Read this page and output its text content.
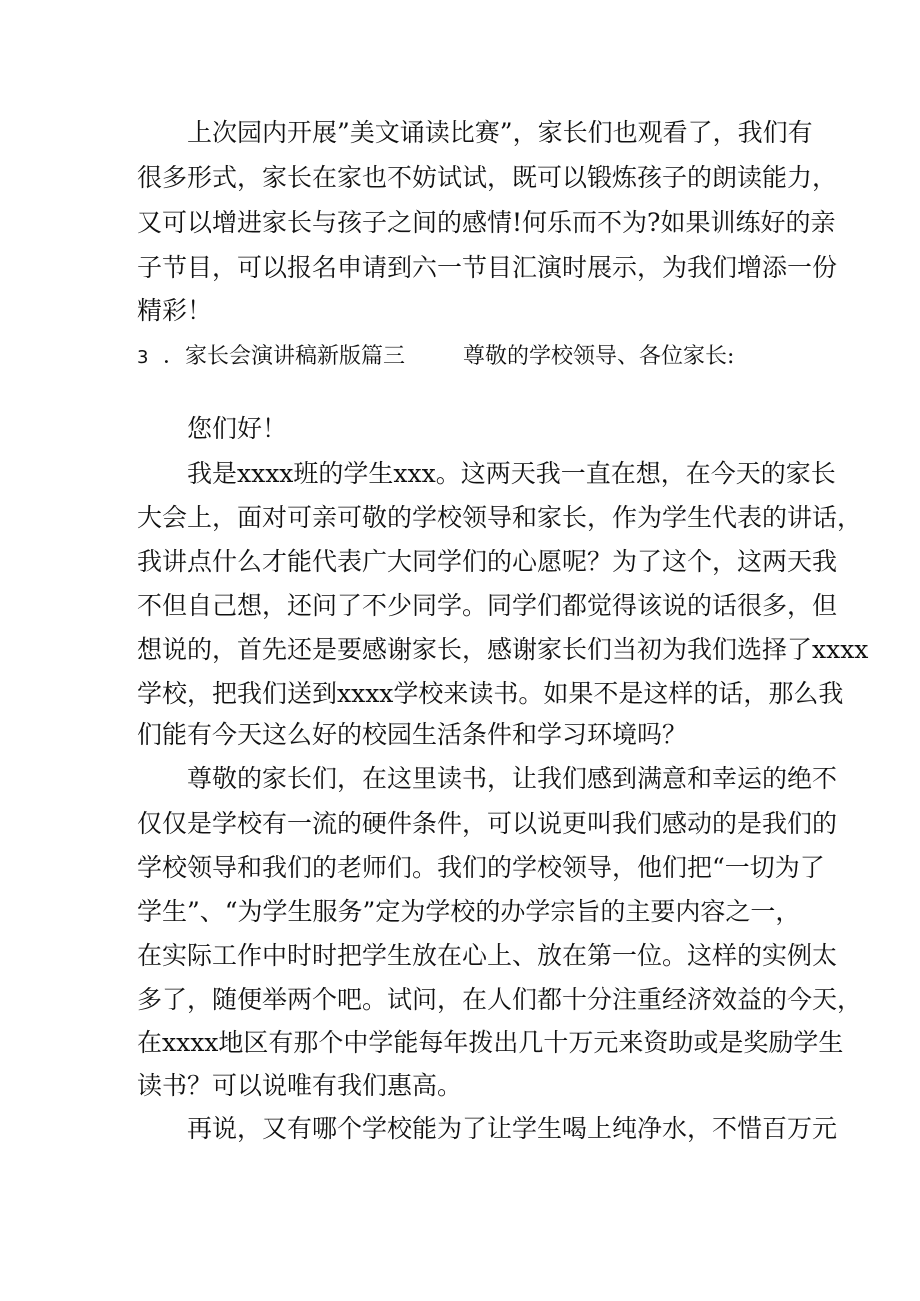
上次园内开展”美文诵读比赛”，家长们也观看了，我们有
很多形式，家长在家也不妨试试，既可以锻炼孩子的朗读能力，
又可以增进家长与孩子之间的感情!何乐而不为?如果训练好的亲
子节目，可以报名申请到六一节目汇演时展示，为我们增添一份
精彩！
3 ．家长会演讲稿新版篇三	尊敬的学校领导、各位家长:
您们好！
我是xxxx班的学生xxx。这两天我一直在想，在今天的家长
大会上，面对可亲可敬的学校领导和家长，作为学生代表的讲话，
我讲点什么才能代表广大同学们的心愿呢？为了这个，这两天我
不但自己想，还问了不少同学。同学们都觉得该说的话很多，但
想说的，首先还是要感谢家长，感谢家长们当初为我们选择了xxxx
学校，把我们送到xxxx学校来读书。如果不是这样的话，那么我
们能有今天这么好的校园生活条件和学习环境吗？
尊敬的家长们，在这里读书，让我们感到满意和幸运的绝不
仅仅是学校有一流的硬件条件，可以说更叫我们感动的是我们的
学校领导和我们的老师们。我们的学校领导，他们把“一切为了
学生”、“为学生服务”定为学校的办学宗旨的主要内容之一，
在实际工作中时时把学生放在心上、放在第一位。这样的实例太
多了，随便举两个吧。试问，在人们都十分注重经济效益的今天，
在xxxx地区有那个中学能每年拨出几十万元来资助或是奖励学生
读书？可以说唯有我们惠高。
再说，又有哪个学校能为了让学生喝上纯净水，不惜百万元
